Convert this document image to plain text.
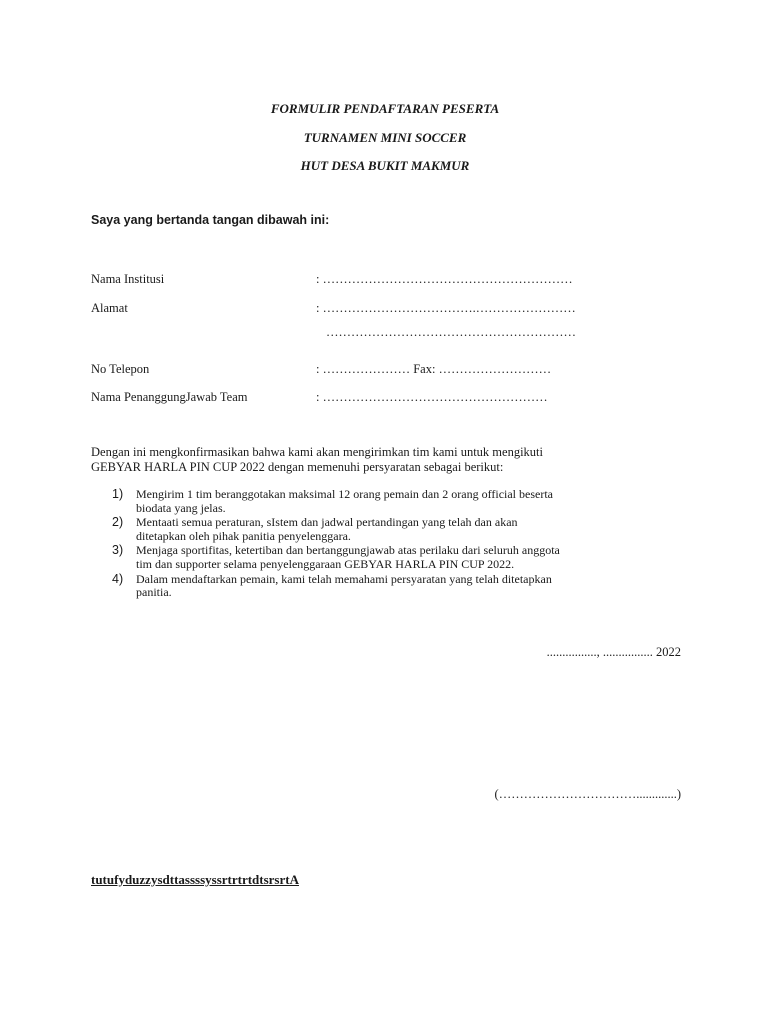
FORMULIR PENDAFTARAN PESERTA
TURNAMEN MINI SOCCER
HUT DESA BUKIT MAKMUR
Saya yang bertanda tangan dibawah ini:
Nama Institusi	: ……………………………………………………
Alamat	: ……………………………….……………………
……………………………………………………
No Telepon	: ………………… Fax: ………………………
Nama PenanggungJawab Team	: ………………………………………………
Dengan ini mengkonfirmasikan bahwa kami akan mengirimkan tim kami untuk mengikuti
GEBYAR HARLA PIN CUP 2022 dengan memenuhi persyaratan sebagai berikut:
1) Mengirim 1 tim beranggotakan maksimal 12 orang pemain dan 2 orang official beserta
biodata yang jelas.
2) Mentaati semua peraturan, sIstem dan jadwal pertandingan yang telah dan akan
ditetapkan oleh pihak panitia penyelenggara.
3) Menjaga sportifitas, ketertiban dan bertanggungjawab atas perilaku dari seluruh anggota
tim dan supporter selama penyelenggaraan GEBYAR HARLA PIN CUP 2022.
4) Dalam mendaftarkan pemain, kami telah memahami persyaratan yang telah ditetapkan
panitia.
................, ................ 2022
(…………………………….............)
tutufyduzzysdttassssyssrtrtrtdtsrsrtA
